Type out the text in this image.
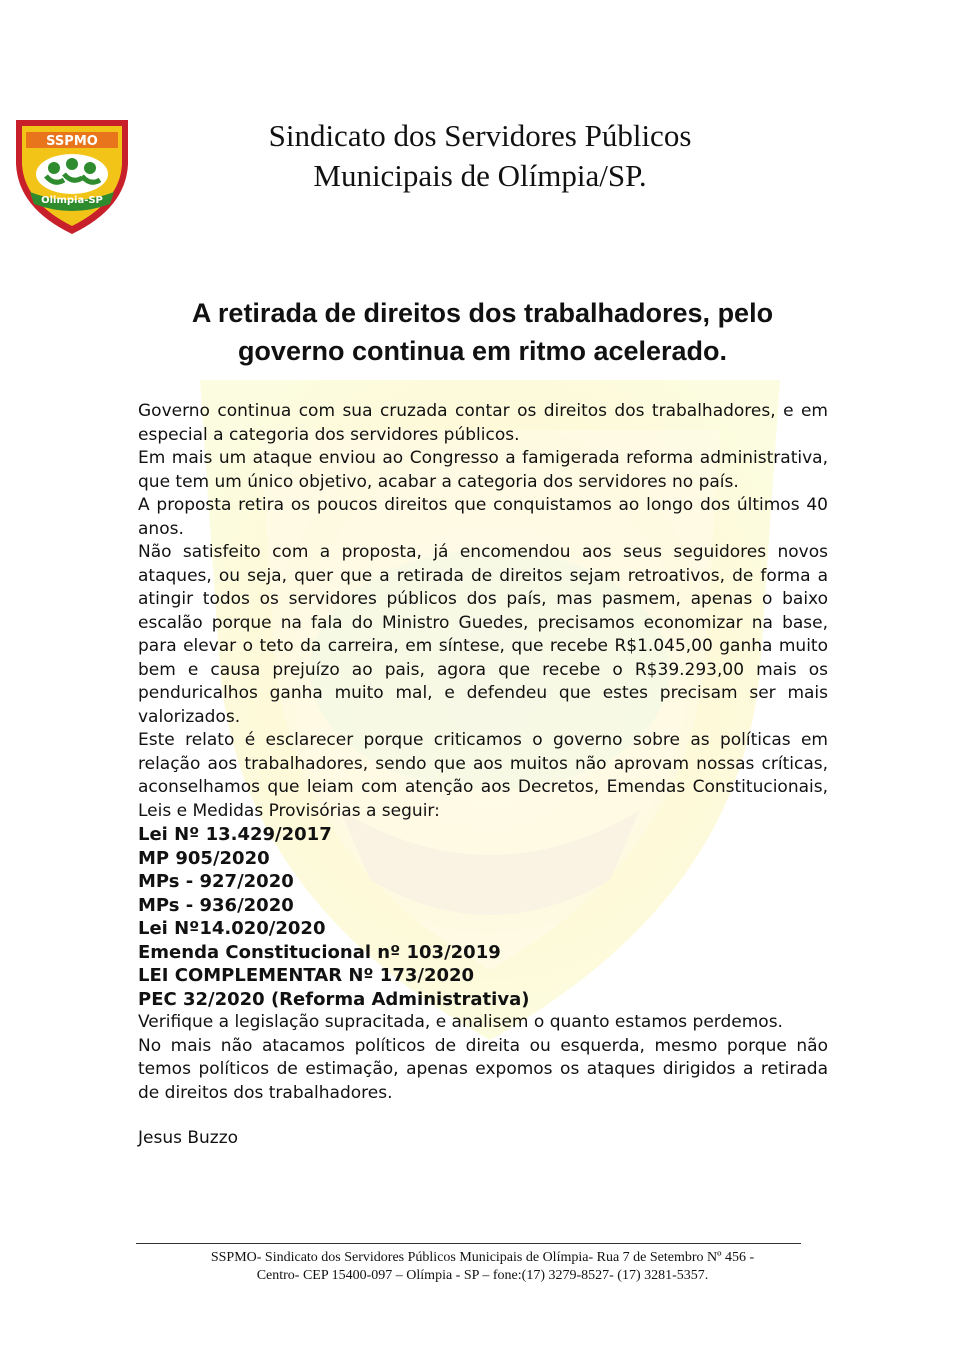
SSPMO
Olimpia-SP
Sindicato dos Servidores Públicos
Municipais de Olímpia/SP.
A retirada de direitos dos trabalhadores, pelo
governo continua em ritmo acelerado.

Governo continua com sua cruzada contar os direitos dos trabalhadores, e em especial a categoria dos servidores públicos.

Em mais um ataque enviou ao Congresso a famigerada reforma administrativa, que tem um único objetivo, acabar a categoria dos servidores no país.

A proposta retira os poucos direitos que conquistamos ao longo dos últimos 40 anos.

Não satisfeito com a proposta, já encomendou aos seus seguidores novos ataques, ou seja, quer que a retirada de direitos sejam retroativos, de forma a atingir todos os servidores públicos dos país, mas pasmem, apenas o baixo escalão porque na fala do Ministro Guedes, precisamos economizar na base, para elevar o teto da carreira, em síntese, que recebe R$1.045,00 ganha muito bem e causa prejuízo ao pais, agora que recebe o R$39.293,00 mais os penduricalhos ganha muito mal, e defendeu que estes precisam ser mais valorizados.

Este relato é esclarecer porque criticamos o governo sobre as políticas em relação aos trabalhadores, sendo que aos muitos não aprovam nossas críticas, aconselhamos que leiam com atenção aos Decretos, Emendas Constitucionais, Leis e Medidas Provisórias a seguir:

Lei Nº 13.429/2017
MP 905/2020
MPs - 927/2020
MPs - 936/2020
Lei Nº14.020/2020
Emenda Constitucional nº 103/2019
LEI COMPLEMENTAR Nº 173/2020
PEC 32/2020 (Reforma Administrativa)

Verifique a legislação supracitada, e analisem o quanto estamos perdemos.

No mais não atacamos políticos de direita ou esquerda, mesmo porque não temos políticos de estimação, apenas expomos os ataques dirigidos a retirada de direitos dos trabalhadores.

Jesus Buzzo
SSPMO- Sindicato dos Servidores Públicos Municipais de Olímpia- Rua 7 de Setembro Nº 456 -
Centro- CEP 15400-097 – Olímpia - SP – fone:(17) 3279-8527- (17) 3281-5357.
